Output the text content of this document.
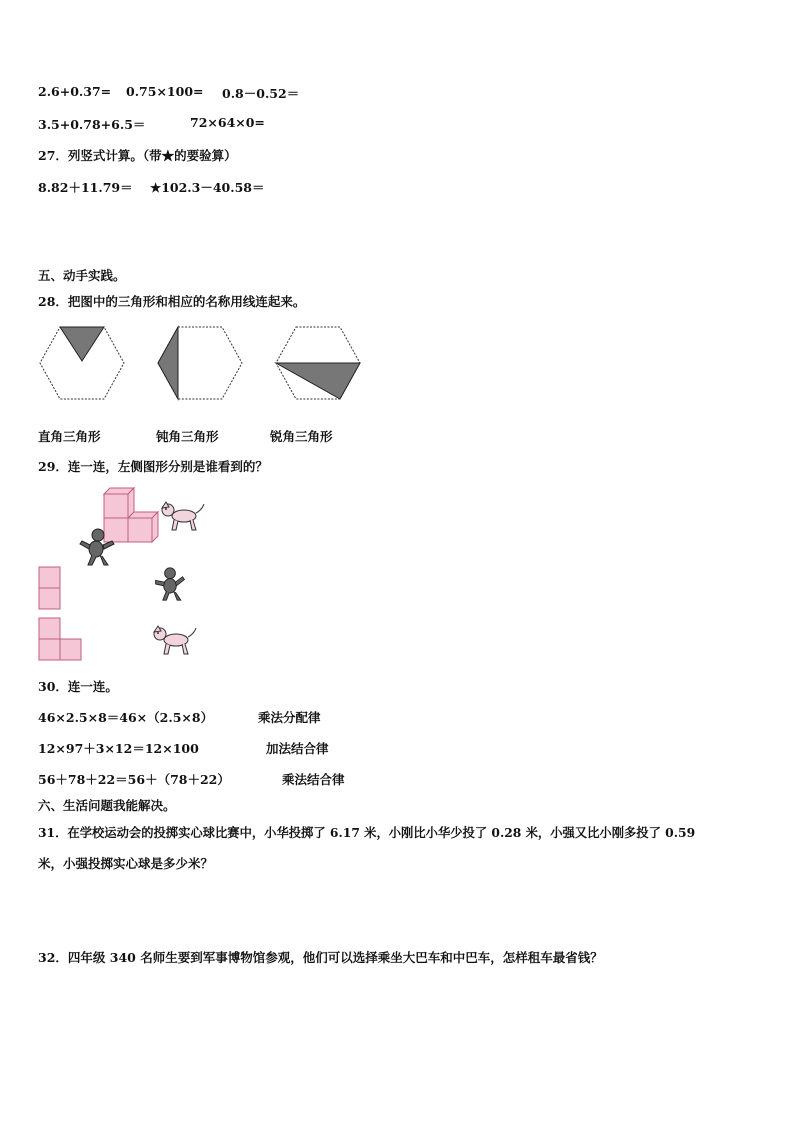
2.6+0.37= 0.75×100= 0.8－0.52＝
3.5+0.78+6.5＝	72×64×0=
27．列竖式计算。（带★的要验算）
8.82＋11.79＝ ★102.3－40.58＝
五、动手实践。
28．把图中的三角形和相应的名称用线连起来。
直角三角形	钝角三角形	锐角三角形
29．连一连，左侧图形分别是谁看到的？
30．连一连。
46×2.5×8＝46×（2.5×8）	乘法分配律
12×97＋3×12＝12×100	加法结合律
56＋78＋22＝56＋（78＋22）	乘法结合律
六、生活问题我能解决。
31．在学校运动会的投掷实心球比赛中，小华投掷了 6.17 米，小刚比小华少投了 0.28 米，小强又比小刚多投了 0.59
米，小强投掷实心球是多少米？
32．四年级 340 名师生要到军事博物馆参观，他们可以选择乘坐大巴车和中巴车，怎样租车最省钱？
